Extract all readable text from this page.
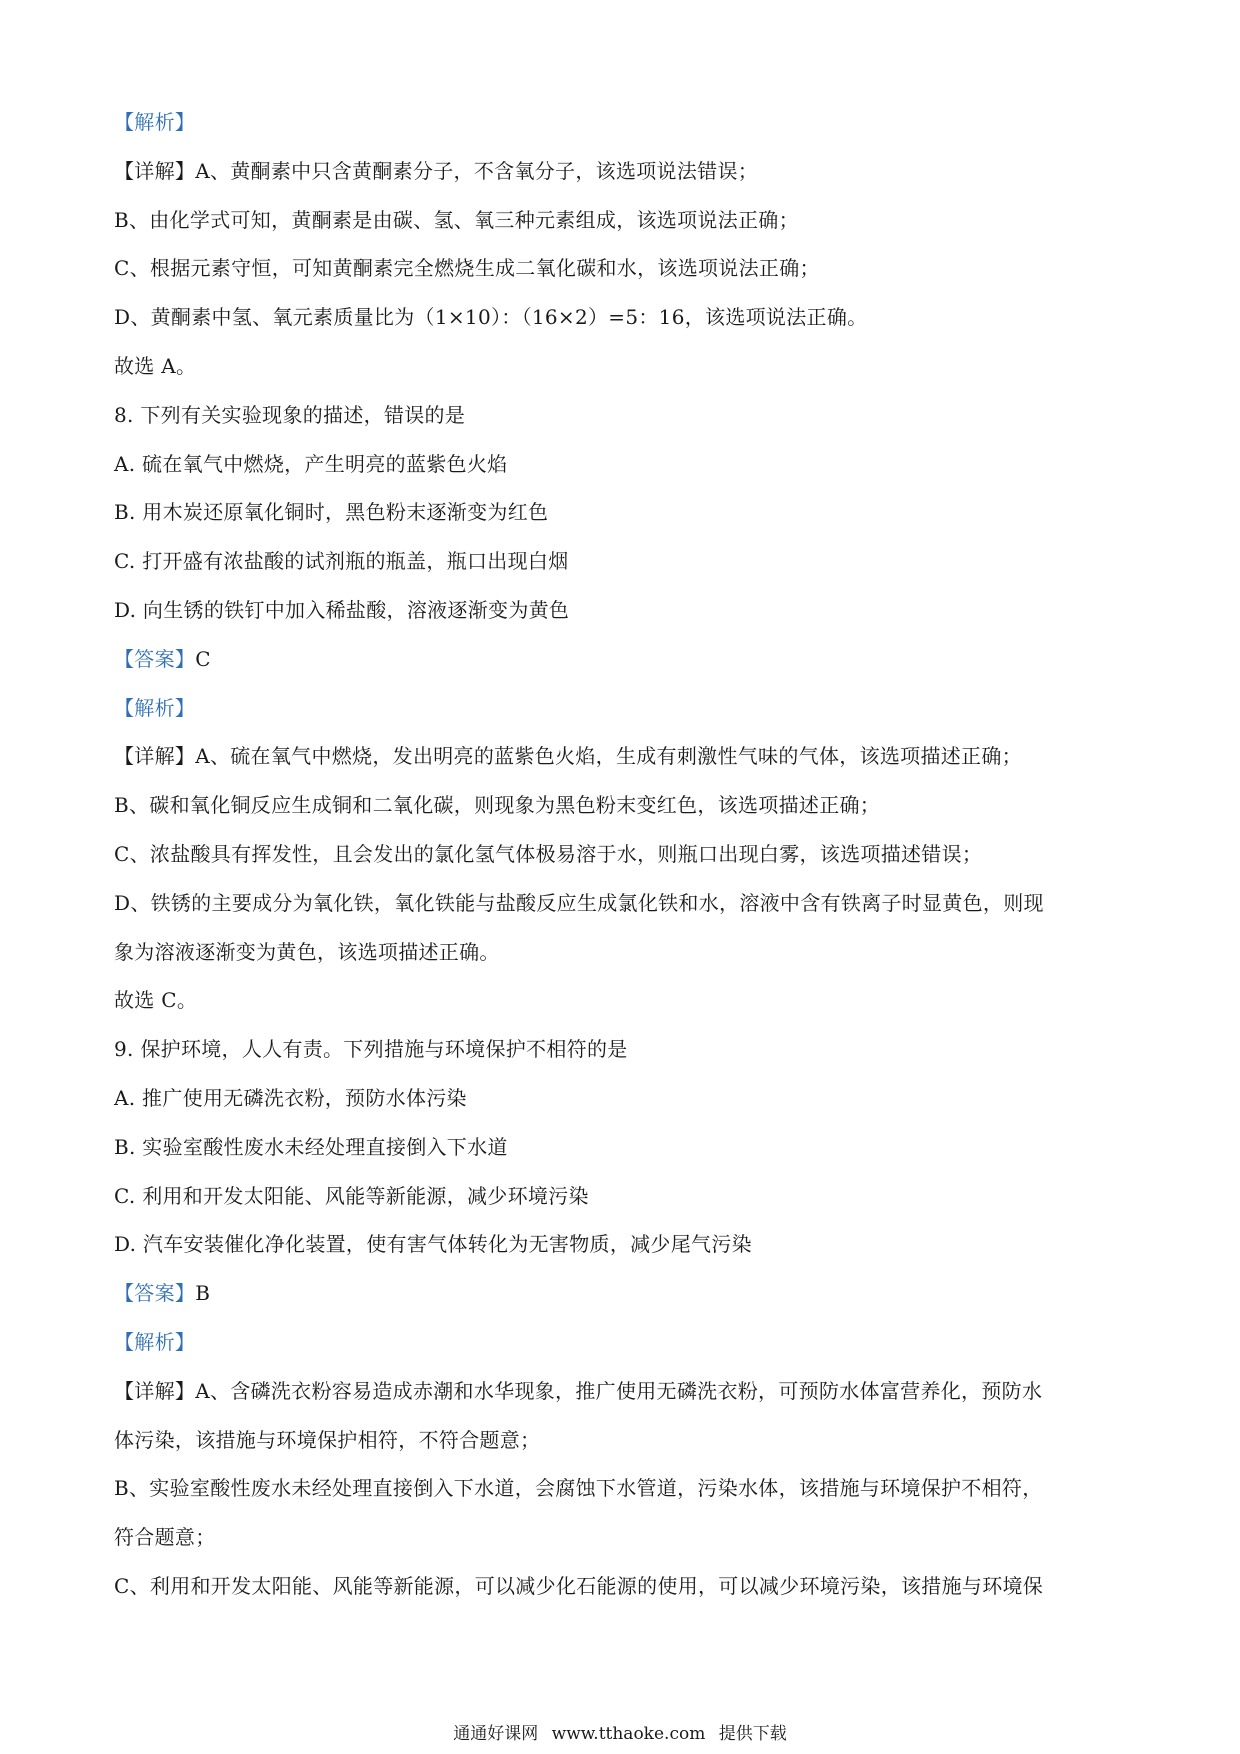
【解析】
【详解】A、黄酮素中只含黄酮素分子，不含氧分子，该选项说法错误；
B、由化学式可知，黄酮素是由碳、氢、氧三种元素组成，该选项说法正确；
C、根据元素守恒，可知黄酮素完全燃烧生成二氧化碳和水，该选项说法正确；
D、黄酮素中氢、氧元素质量比为（1×10）：（16×2）=5：16，该选项说法正确。
故选 A。
8. 下列有关实验现象的描述，错误的是
A. 硫在氧气中燃烧，产生明亮的蓝紫色火焰
B. 用木炭还原氧化铜时，黑色粉末逐渐变为红色
C. 打开盛有浓盐酸的试剂瓶的瓶盖，瓶口出现白烟
D. 向生锈的铁钉中加入稀盐酸，溶液逐渐变为黄色
【答案】C
【解析】
【详解】A、硫在氧气中燃烧，发出明亮的蓝紫色火焰，生成有刺激性气味的气体，该选项描述正确；
B、碳和氧化铜反应生成铜和二氧化碳，则现象为黑色粉末变红色，该选项描述正确；
C、浓盐酸具有挥发性，且会发出的氯化氢气体极易溶于水，则瓶口出现白雾，该选项描述错误；
D、铁锈的主要成分为氧化铁，氧化铁能与盐酸反应生成氯化铁和水，溶液中含有铁离子时显黄色，则现
象为溶液逐渐变为黄色，该选项描述正确。
故选 C。
9. 保护环境，人人有责。下列措施与环境保护不相符的是
A. 推广使用无磷洗衣粉，预防水体污染
B. 实验室酸性废水未经处理直接倒入下水道
C. 利用和开发太阳能、风能等新能源，减少环境污染
D. 汽车安装催化净化装置，使有害气体转化为无害物质，减少尾气污染
【答案】B
【解析】
【详解】A、含磷洗衣粉容易造成赤潮和水华现象，推广使用无磷洗衣粉，可预防水体富营养化，预防水
体污染，该措施与环境保护相符，不符合题意；
B、实验室酸性废水未经处理直接倒入下水道，会腐蚀下水管道，污染水体，该措施与环境保护不相符，
符合题意；
C、利用和开发太阳能、风能等新能源，可以减少化石能源的使用，可以减少环境污染，该措施与环境保
通通好课网 www.tthaoke.com 提供下载
